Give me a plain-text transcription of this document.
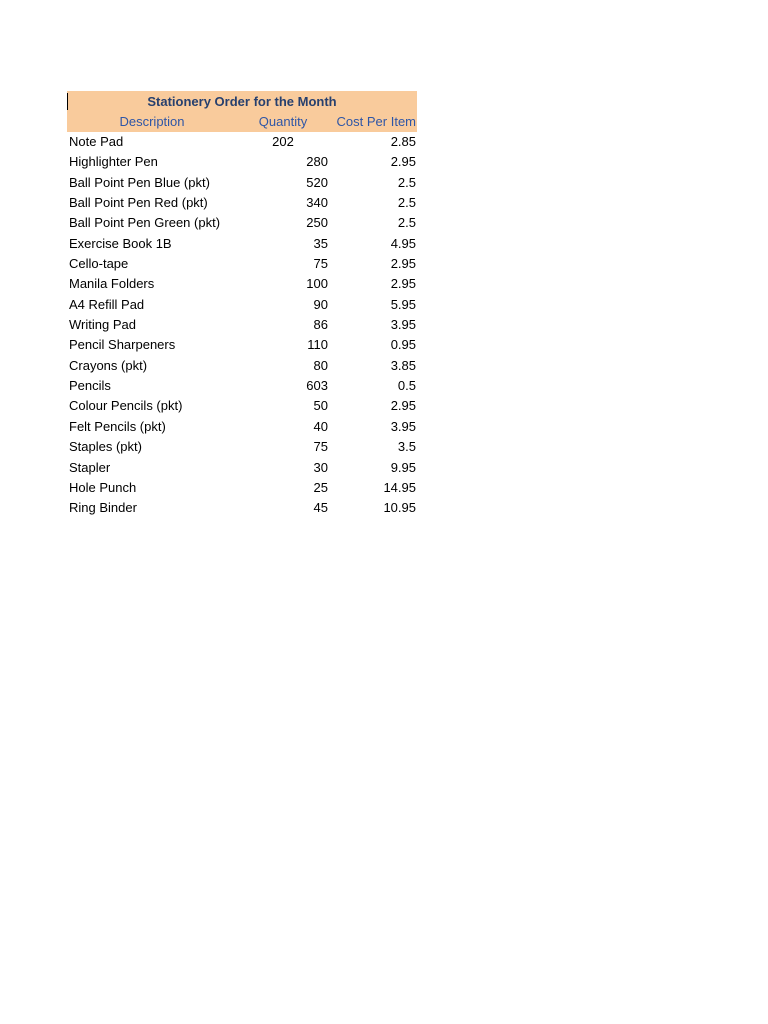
Stationery Order for the Month
Description	Quantity	Cost Per Item
Note Pad	202	2.85
Highlighter Pen	280	2.95
Ball Point Pen Blue (pkt)	520	2.5
Ball Point Pen Red (pkt)	340	2.5
Ball Point Pen Green (pkt)	250	2.5
Exercise Book 1B	35	4.95
Cello-tape	75	2.95
Manila Folders	100	2.95
A4 Refill Pad	90	5.95
Writing Pad	86	3.95
Pencil Sharpeners	110	0.95
Crayons (pkt)	80	3.85
Pencils	603	0.5
Colour Pencils (pkt)	50	2.95
Felt Pencils (pkt)	40	3.95
Staples (pkt)	75	3.5
Stapler	30	9.95
Hole Punch	25	14.95
Ring Binder	45	10.95
